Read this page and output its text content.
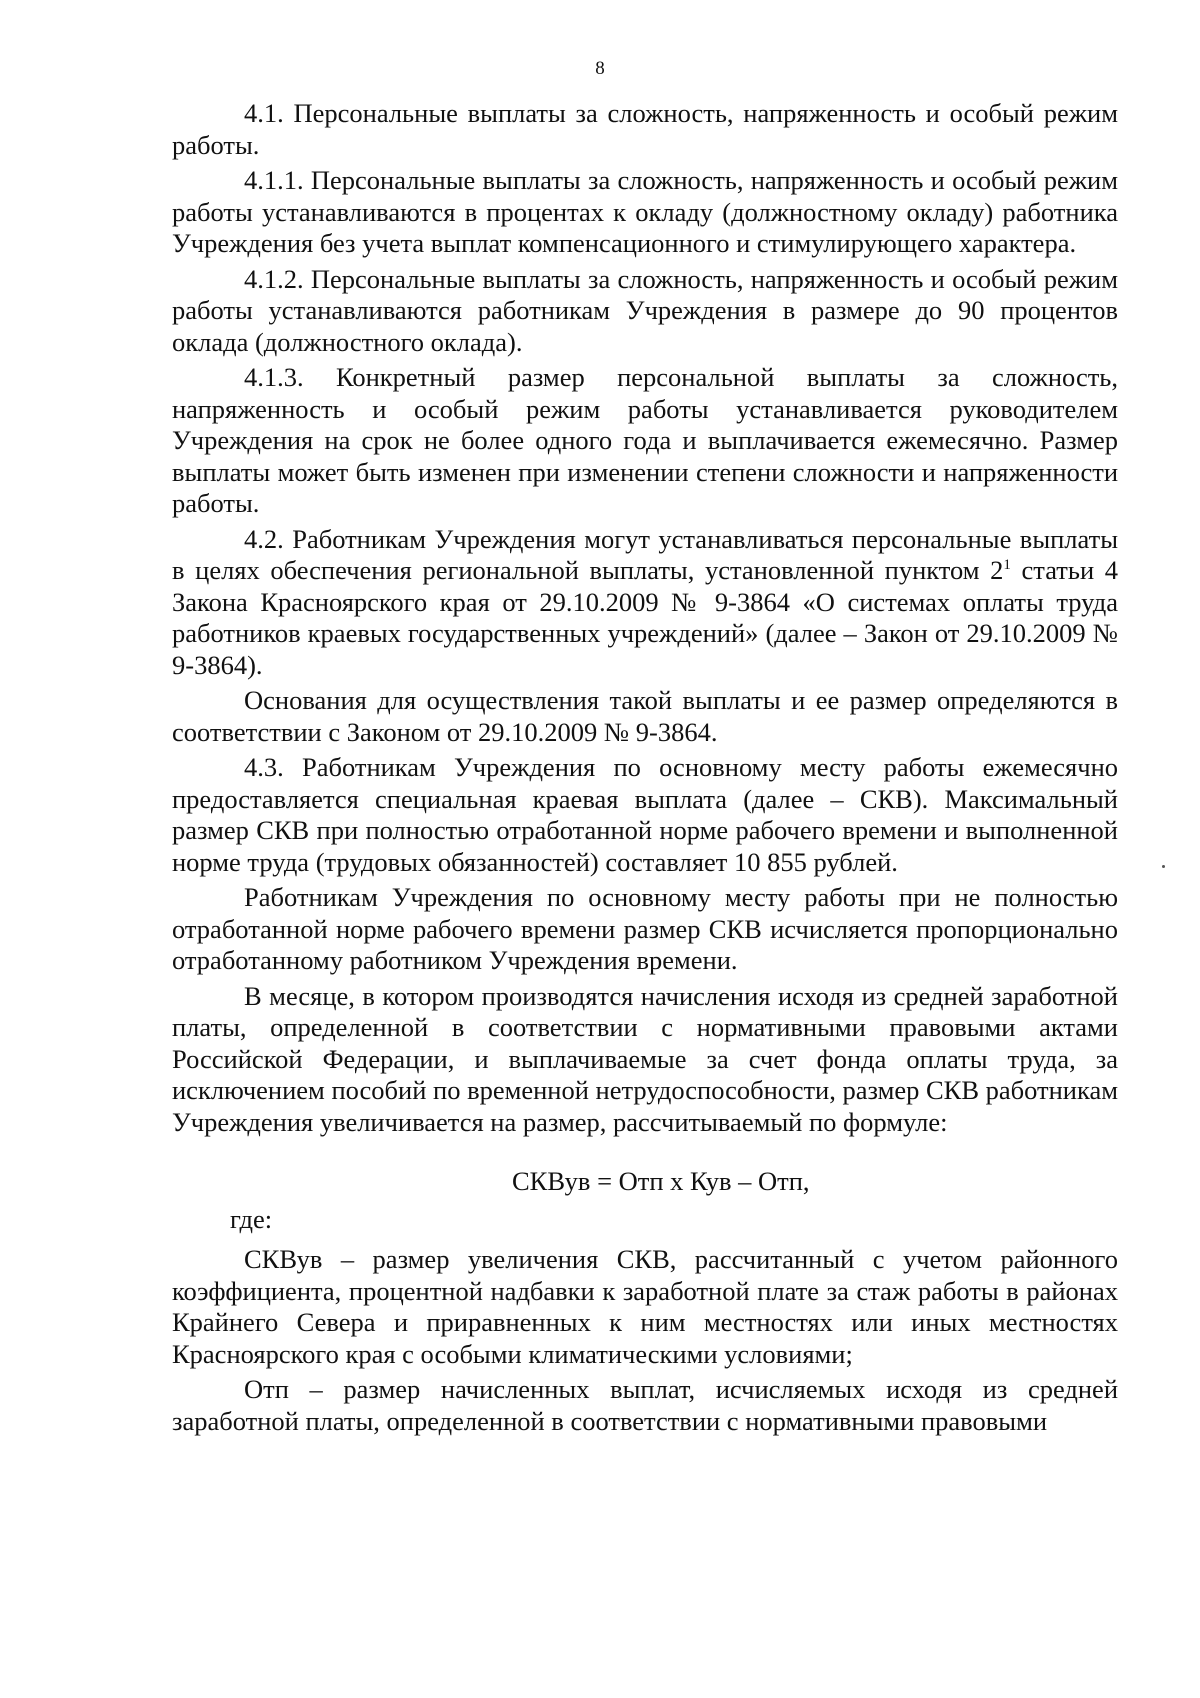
8

4.1. Персональные выплаты за сложность, напряженность и особый режим работы.

4.1.1. Персональные выплаты за сложность, напряженность и особый режим работы устанавливаются в процентах к окладу (должностному окладу) работника Учреждения без учета выплат компенсационного и стимулирующего характера.

4.1.2. Персональные выплаты за сложность, напряженность и особый режим работы устанавливаются работникам Учреждения в размере до 90 процентов оклада (должностного оклада).

4.1.3. Конкретный размер персональной выплаты за сложность, напряженность и особый режим работы устанавливается руководителем Учреждения на срок не более одного года и выплачивается ежемесячно. Размер выплаты может быть изменен при изменении степени сложности и напряженности работы.

4.2. Работникам Учреждения могут устанавливаться персональные выплаты в целях обеспечения региональной выплаты, установленной пунктом $2^1$ статьи 4 Закона Красноярского края от 29.10.2009 № 9-3864 «О системах оплаты труда работников краевых государственных учреждений» (далее – Закон от 29.10.2009 № 9-3864).

Основания для осуществления такой выплаты и ее размер определяются в соответствии с Законом от 29.10.2009 № 9-3864.

4.3. Работникам Учреждения по основному месту работы ежемесячно предоставляется специальная краевая выплата (далее – СКВ). Максимальный размер СКВ при полностью отработанной норме рабочего времени и выполненной норме труда (трудовых обязанностей) составляет 10 855 рублей.

Работникам Учреждения по основному месту работы при не полностью отработанной норме рабочего времени размер СКВ исчисляется пропорционально отработанному работником Учреждения времени.

В месяце, в котором производятся начисления исходя из средней заработной платы, определенной в соответствии с нормативными правовыми актами Российской Федерации, и выплачиваемые за счет фонда оплаты труда, за исключением пособий по временной нетрудоспособности, размер СКВ работникам Учреждения увеличивается на размер, рассчитываемый по формуле:

СКВув = Отп x Кув – Отп,
где:

СКВув – размер увеличения СКВ, рассчитанный с учетом районного коэффициента, процентной надбавки к заработной плате за стаж работы в районах Крайнего Севера и приравненных к ним местностях или иных местностях Красноярского края с особыми климатическими условиями;

Отп – размер начисленных выплат, исчисляемых исходя из средней заработной платы, определенной в соответствии с нормативными правовыми
